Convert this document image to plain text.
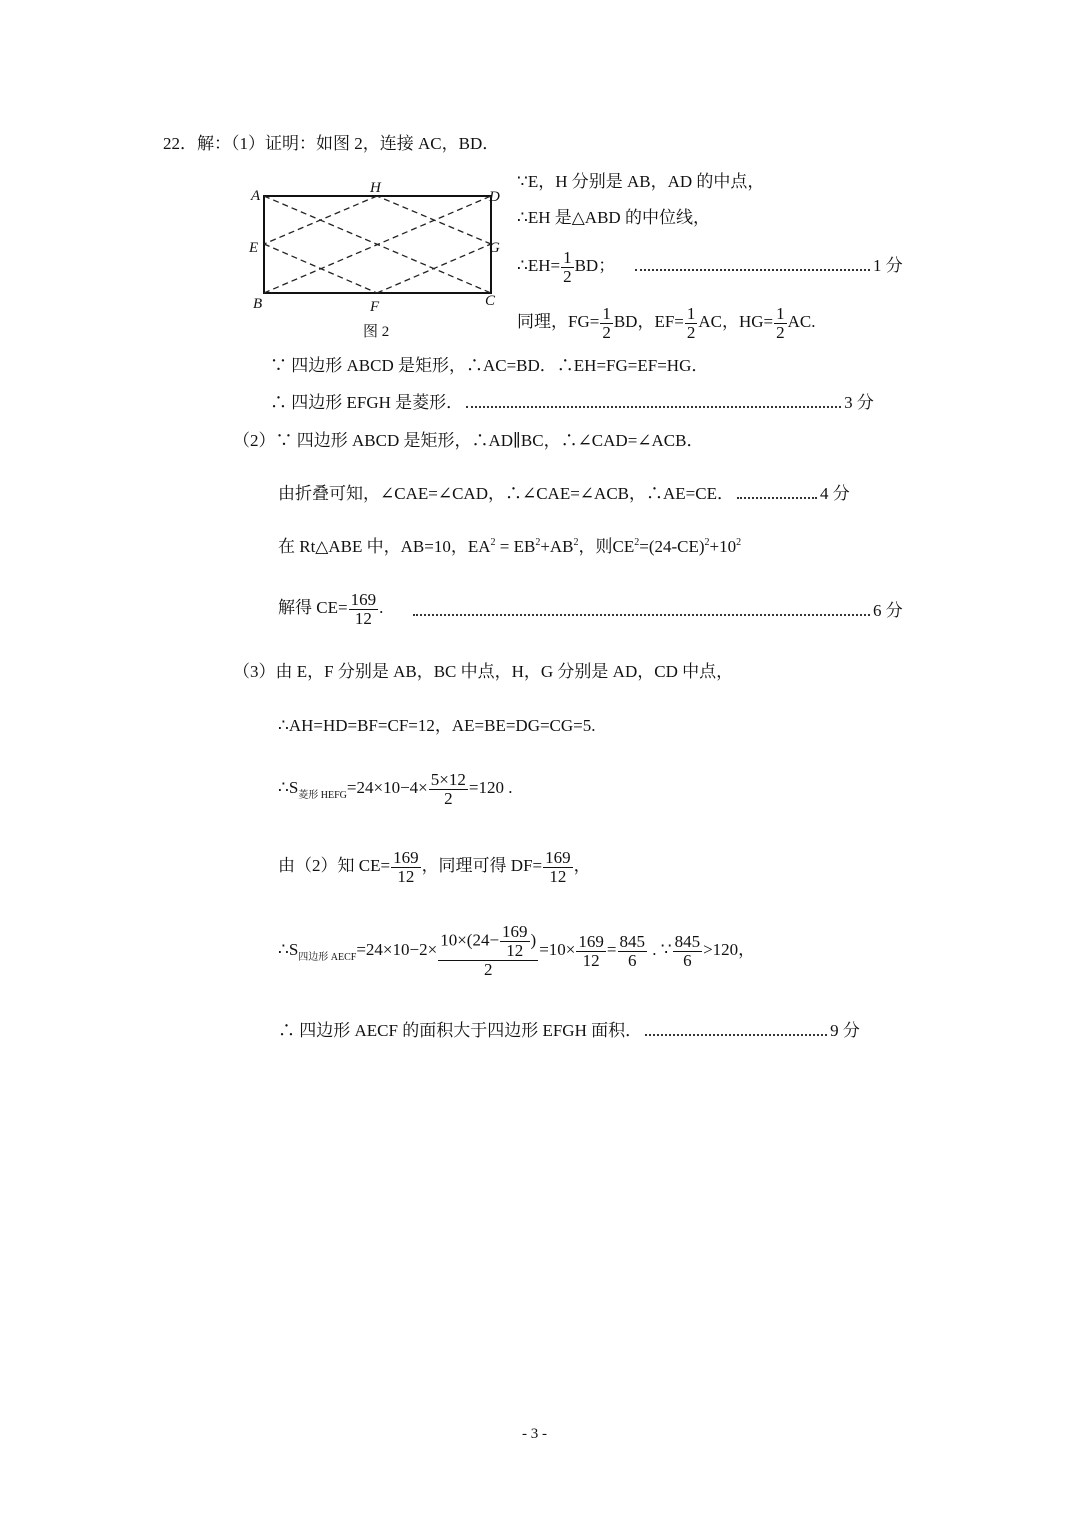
22．解：（1）证明：如图 2，连接 AC，BD．
A	H
D
E	G
B	F	C
图 2
∵E，H 分别是 AB，AD 的中点，
∴EH 是△ABD 的中位线，
∴EH= $\frac{1}{2}$ BD；	1 分
同理，$FG= \frac{1}{2}$ BD，$EF= \frac{1}{2}$ AC，$HG= \frac{1}{2}$ AC.
∵ 四边形 ABCD 是矩形，∴AC=BD．∴EH=FG=EF=HG．
∴ 四边形 EFGH 是菱形．	3 分
（2）∵ 四边形 ABCD 是矩形，∴AD∥BC，∴∠CAD=∠ACB．
由折叠可知，∠CAE=∠CAD，∴∠CAE=∠ACB，∴AE=CE．	4 分
在 Rt△ABE 中，AB=10，$EA^2 = EB^2+AB^2$，则$CE^2=(24-CE)^2+10^2$
解得 $CE= \frac{169}{12}$ .	6 分
（3）由 E，F 分别是 AB，BC 中点，H，G 分别是 AD，CD 中点，
∴AH=HD=BF=CF=12，AE=BE=DG=CG=5.
$\therefore S_{菱形 HEFG}=24\times 10-4\times \frac{5\times 12}{2} =120$ .
由（2）知 $CE= \frac{169}{12}$ ，同理可得 $DF= \frac{169}{12}$ ，
$\therefore S_{四边形 AECF}=24\times 10-2\times \frac{10\times(24- \frac{169}{12} )}{2} =10\times \frac{169}{12} = \frac{845}{6}$ . ∵ $\frac{845}{6} >120$，
∴ 四边形 AECF 的面积大于四边形 EFGH 面积．	9 分
- 3 -
